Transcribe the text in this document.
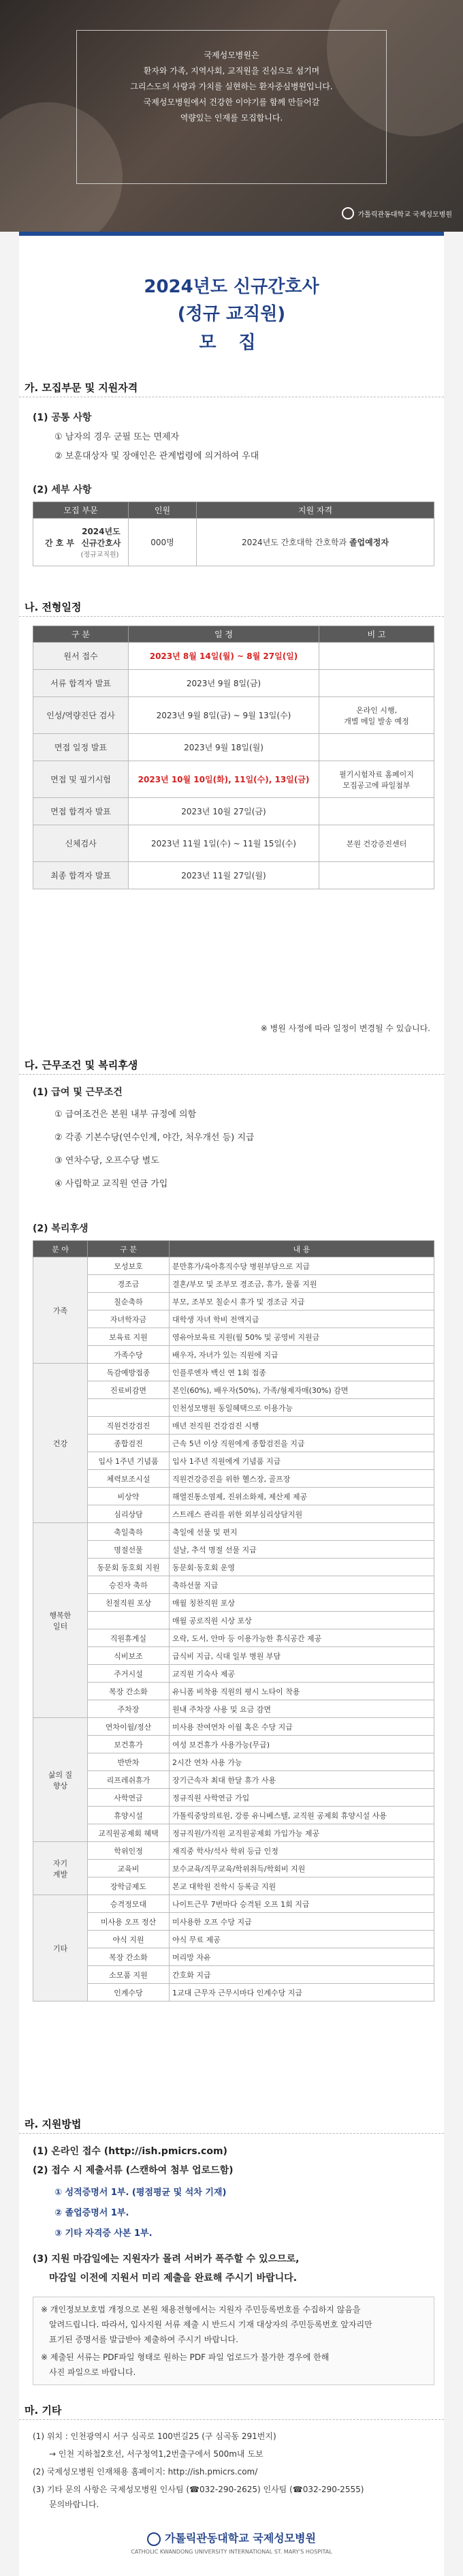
국제성모병원은
환자와 가족, 지역사회, 교직원을 진심으로 섬기며
그리스도의 사랑과 가치를 실현하는 환자중심병원입니다.
국제성모병원에서 건강한 이야기를 함께 만들어갈
역량있는 인재를 모집합니다.
가톨릭관동대학교 국제성모병원
2024년도 신규간호사
(정규 교직원)
모 집
가. 모집부문 및 지원자격
(1) 공통 사항
① 남자의 경우 군필 또는 면제자
② 보훈대상자 및 장애인은 관계법령에 의거하여 우대
(2) 세부 사항
모집 부문	인원	지원 자격
간 호 부 2024년도
신규간호사
(정규교직원)	000명	2024년도 간호대학 간호학과 졸업예정자
나. 전형일정
구 분	일 정	비 고
원서 접수	2023년 8월 14일(월) ~ 8월 27일(일)	
서류 합격자 발표	2023년 9월 8일(금)	
인성/역량진단 검사	2023년 9월 8일(금) ~ 9월 13일(수)	온라인 시행,
개별 메일 발송 예정
면접 일정 발표	2023년 9월 18일(월)	
면접 및 필기시험	2023년 10월 10일(화), 11일(수), 13일(금)	필기시험자료 홈페이지
모집공고에 파일첨부
면접 합격자 발표	2023년 10월 27일(금)	
신체검사	2023년 11월 1일(수) ~ 11월 15일(수)	본원 건강증진센터
최종 합격자 발표	2023년 11월 27일(월)	
※ 병원 사정에 따라 일정이 변경될 수 있습니다.
다. 근무조건 및 복리후생
(1) 급여 및 근무조건
① 급여조건은 본원 내부 규정에 의함
② 각종 기본수당(연수인계, 야간, 처우개선 등) 지급
③ 연차수당, 오프수당 별도
④ 사립학교 교직원 연금 가입
(2) 복리후생
분 야	구 분	내 용
가족	모성보호	분만휴가/육아휴직수당 병원부담으로 지급
	경조금	결혼/부모 및 조부모 경조금, 휴가, 물품 지원
	칠순축하	부모, 조부모 칠순시 휴가 및 경조금 지급
	자녀학자금	대학생 자녀 학비 전액지급
	보육료 지원	영유아보육료 지원(월 50% 및 공영비 지원금
	가족수당	배우자, 자녀가 있는 직원에 지급
건강	독감예방접종	인플루엔자 백신 연 1회 접종
	진료비감면	본인(60%), 배우자(50%), 가족/형제자매(30%) 감면
		인천성모병원 동일혜택으로 이용가능
	직원건강검진	매년 전직원 건강검진 시행
	종합검진	근속 5년 이상 직원에게 종합검진을 지급
	입사 1주년 기념품	입사 1주년 직원에게 기념품 지급
	체력보조시설	직원건강증진을 위한 헬스장, 골프장
	비상약	해열진통소염제, 진위소화제, 제산제 제공
	심리상담	스트레스 관리를 위한 외부심리상담지원
행복한
일터	축일축하	축일에 선물 및 편지
	명절선물	설날, 추석 명절 선물 지급
	동문회 동호회 지원	동문회·동호회 운영
	승진자 축하	축하선물 지급
	친절직원 포상	매월 칭찬직원 포상
		매월 공로직원 시상 포상
	직원휴게실	오락, 도서, 안마 등 이용가능한 휴식공간 제공
	식비보조	급식비 지급, 식대 일부 병원 부담
	주거시설	교직원 기숙사 제공
	복장 간소화	유니폼 비착용 직원의 평시 노타이 착용
	주차장	원내 주차장 사용 및 요금 감면
삶의 질
향상	연차이월/정산	미사용 잔여연차 이월 혹은 수당 지급
	보건휴가	여성 보건휴가 사용가능(무급)
	반반차	2시간 연차 사용 가능
	리프레쉬휴가	장기근속자 최대 한달 휴가 사용
	사학연금	정규직원 사학연금 가입
	휴양시설	가톨릭중앙의료원, 강릉 유니베스텔, 교직원 공제회 휴양시설 사용
	교직원공제회 혜택	정규직원/가직원 교직원공제회 가입가능 제공
자기
계발	학위인정	재직중 학사/석사 학위 등급 인정
	교육비	보수교육/직무교육/학위취득/학회비 지원
	장학금제도	본교 대학원 진학시 등록금 지원
기타	승격정모대	나이트근무 7번마다 승격된 오프 1회 지급
	미사용 오프 정산	미사용한 오프 수당 지급
	야식 지원	야식 무료 제공
	복장 간소화	머리망 자유
	소모품 지원	간호화 지급
	인계수당	1교대 근무자 근무시마다 인계수당 지급
라. 지원방법
(1) 온라인 접수 (http://ish.pmicrs.com)
(2) 접수 시 제출서류 (스캔하여 첨부 업로드함)
① 성적증명서 1부. (평점평균 및 석차 기재)
② 졸업증명서 1부.
③ 기타 자격증 사본 1부.
(3) 지원 마감일에는 지원자가 몰려 서버가 폭주할 수 있으므로,
마감일 이전에 지원서 미리 제출을 완료해 주시기 바랍니다.
※ 개인정보보호법 개정으로 본원 채용전형에서는 지원자 주민등록번호를 수집하지 않음을
알려드립니다. 따라서, 입사지원 서류 제출 시 반드시 기재 대상자의 주민등록번호 앞자리만
표기된 증명서를 발급받아 제출하여 주시기 바랍니다.
※ 제출된 서류는 PDF파일 형태로 원하는 PDF 파일 업로드가 불가한 경우에 한해
사진 파일으로 바랍니다.
마. 기타
(1) 위치 : 인천광역시 서구 심곡로 100번길25 (구 심곡동 291번지)
→ 인천 지하철2호선, 서구청역1,2번출구에서 500m내 도보
(2) 국제성모병원 인재채용 홈페이지: http://ish.pmicrs.com/
(3) 기타 문의 사항은 국제성모병원 인사팀 (☎032-290-2625) 인사팀 (☎032-290-2555)
문의바랍니다.
가톨릭관동대학교 국제성모병원
CATHOLIC KWANDONG UNIVERSITY INTERNATIONAL ST. MARY'S HOSPITAL
